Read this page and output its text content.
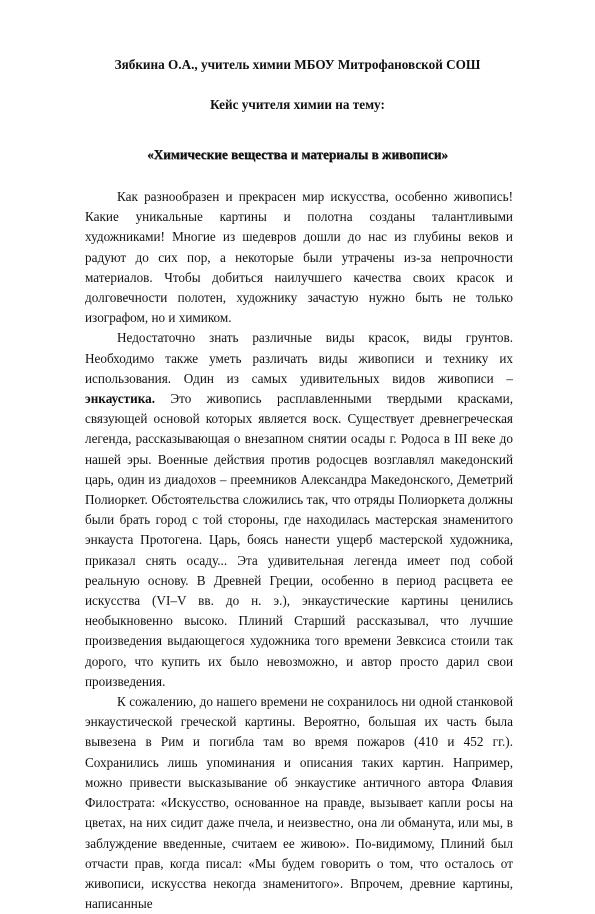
Зябкина О.А., учитель химии МБОУ Митрофановской СОШ
Кейс учителя химии на тему:
«Химические вещества и материалы в живописи»

Как разнообразен и прекрасен мир искусства, особенно живопись! Какие уникальные картины и полотна созданы талантливыми художниками! Многие из шедевров дошли до нас из глубины веков и радуют до сих пор, а некоторые были утрачены из-за непрочности материалов. Чтобы добиться наилучшего качества своих красок и долговечности полотен, художнику зачастую нужно быть не только изографом, но и химиком.

Недостаточно знать различные виды красок, виды грунтов. Необходимо также уметь различать виды живописи и технику их использования. Один из самых удивительных видов живописи – энкаустика. Это живопись расплавленными твердыми красками, связующей основой которых является воск. Существует древнегреческая легенда, рассказывающая о внезапном снятии осады г. Родоса в III веке до нашей эры. Военные действия против родосцев возглавлял македонский царь, один из диадохов – преемников Александра Македонского, Деметрий Полиоркет. Обстоятельства сложились так, что отряды Полиоркета должны были брать город с той стороны, где находилась мастерская знаменитого энкауста Протогена. Царь, боясь нанести ущерб мастерской художника, приказал снять осаду... Эта удивительная легенда имеет под собой реальную основу. В Древней Греции, особенно в период расцвета ее искусства (VI–V вв. до н. э.), энкаустические картины ценились необыкновенно высоко. Плиний Старший рассказывал, что лучшие произведения выдающегося художника того времени Зевксиса стоили так дорого, что купить их было невозможно, и автор просто дарил свои произведения.

К сожалению, до нашего времени не сохранилось ни одной станковой энкаустической греческой картины. Вероятно, большая их часть была вывезена в Рим и погибла там во время пожаров (410 и 452 гг.). Сохранились лишь упоминания и описания таких картин. Например, можно привести высказывание об энкаустике античного автора Флавия Филострата: «Искусство, основанное на правде, вызывает капли росы на цветах, на них сидит даже пчела, и неизвестно, она ли обманута, или мы, в заблуждение введенные, считаем ее живою». По-видимому, Плиний был отчасти прав, когда писал: «Мы будем говорить о том, что осталось от живописи, искусства некогда знаменитого». Впрочем, древние картины, написанные
